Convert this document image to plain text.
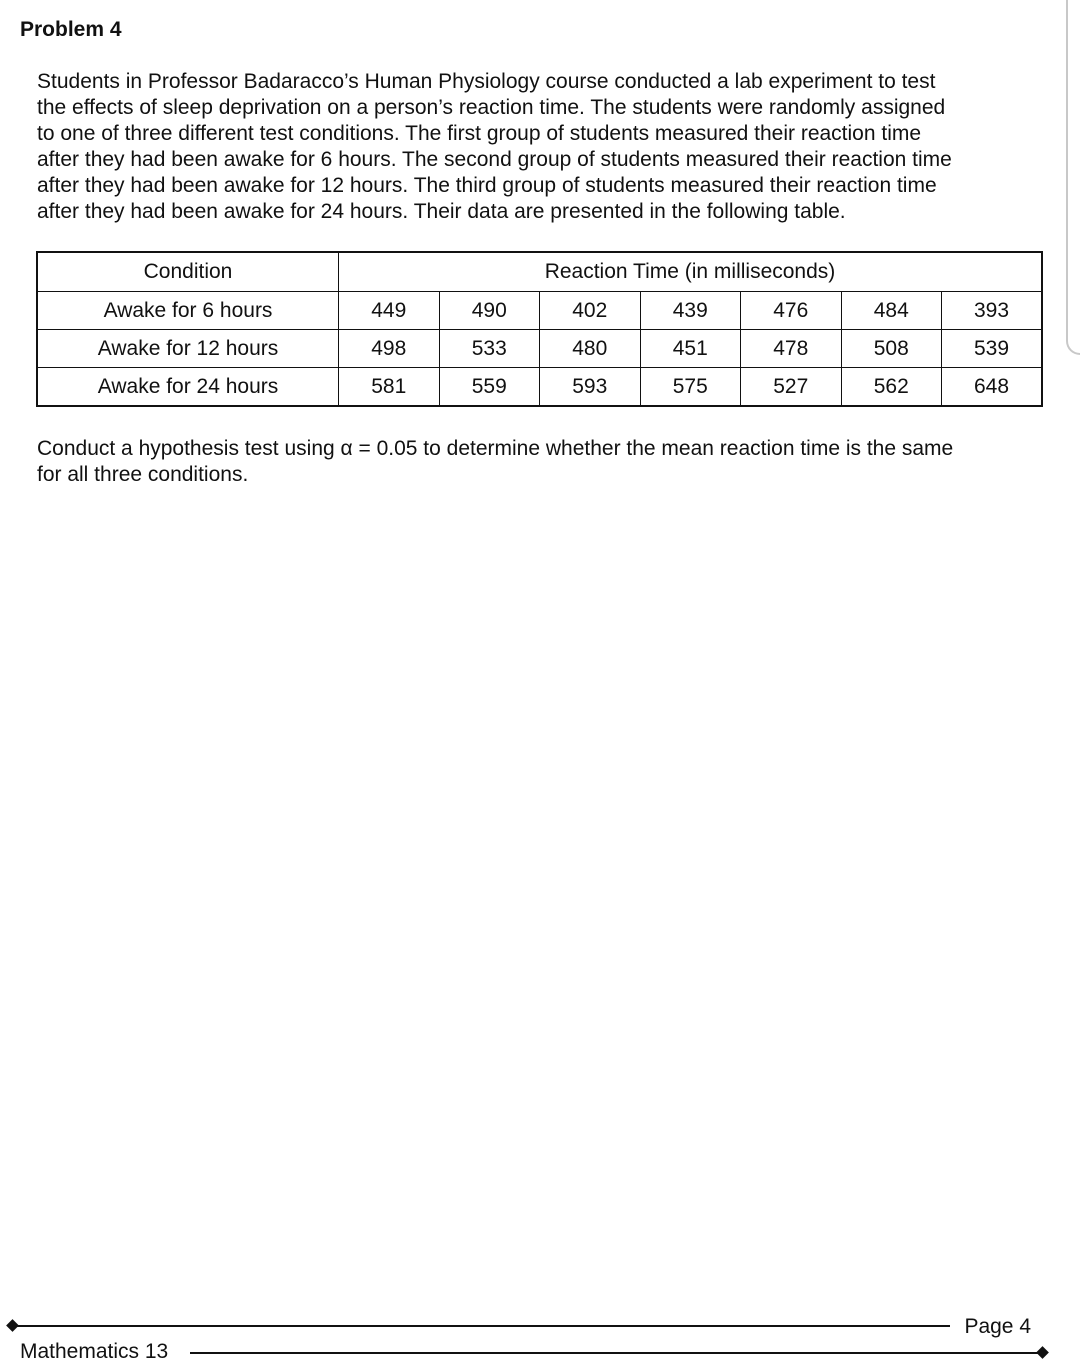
Problem 4
Students in Professor Badaracco’s Human Physiology course conducted a lab experiment to test
the effects of sleep deprivation on a person’s reaction time. The students were randomly assigned
to one of three different test conditions. The first group of students measured their reaction time
after they had been awake for 6 hours. The second group of students measured their reaction time
after they had been awake for 12 hours. The third group of students measured their reaction time
after they had been awake for 24 hours. Their data are presented in the following table.
Condition	Reaction Time (in milliseconds)						
Awake for 6 hours	449	490	402	439	476	484	393
Awake for 12 hours	498	533	480	451	478	508	539
Awake for 24 hours	581	559	593	575	527	562	648
Conduct a hypothesis test using α = 0.05 to determine whether the mean reaction time is the same
for all three conditions.
Page 4
Mathematics 13
